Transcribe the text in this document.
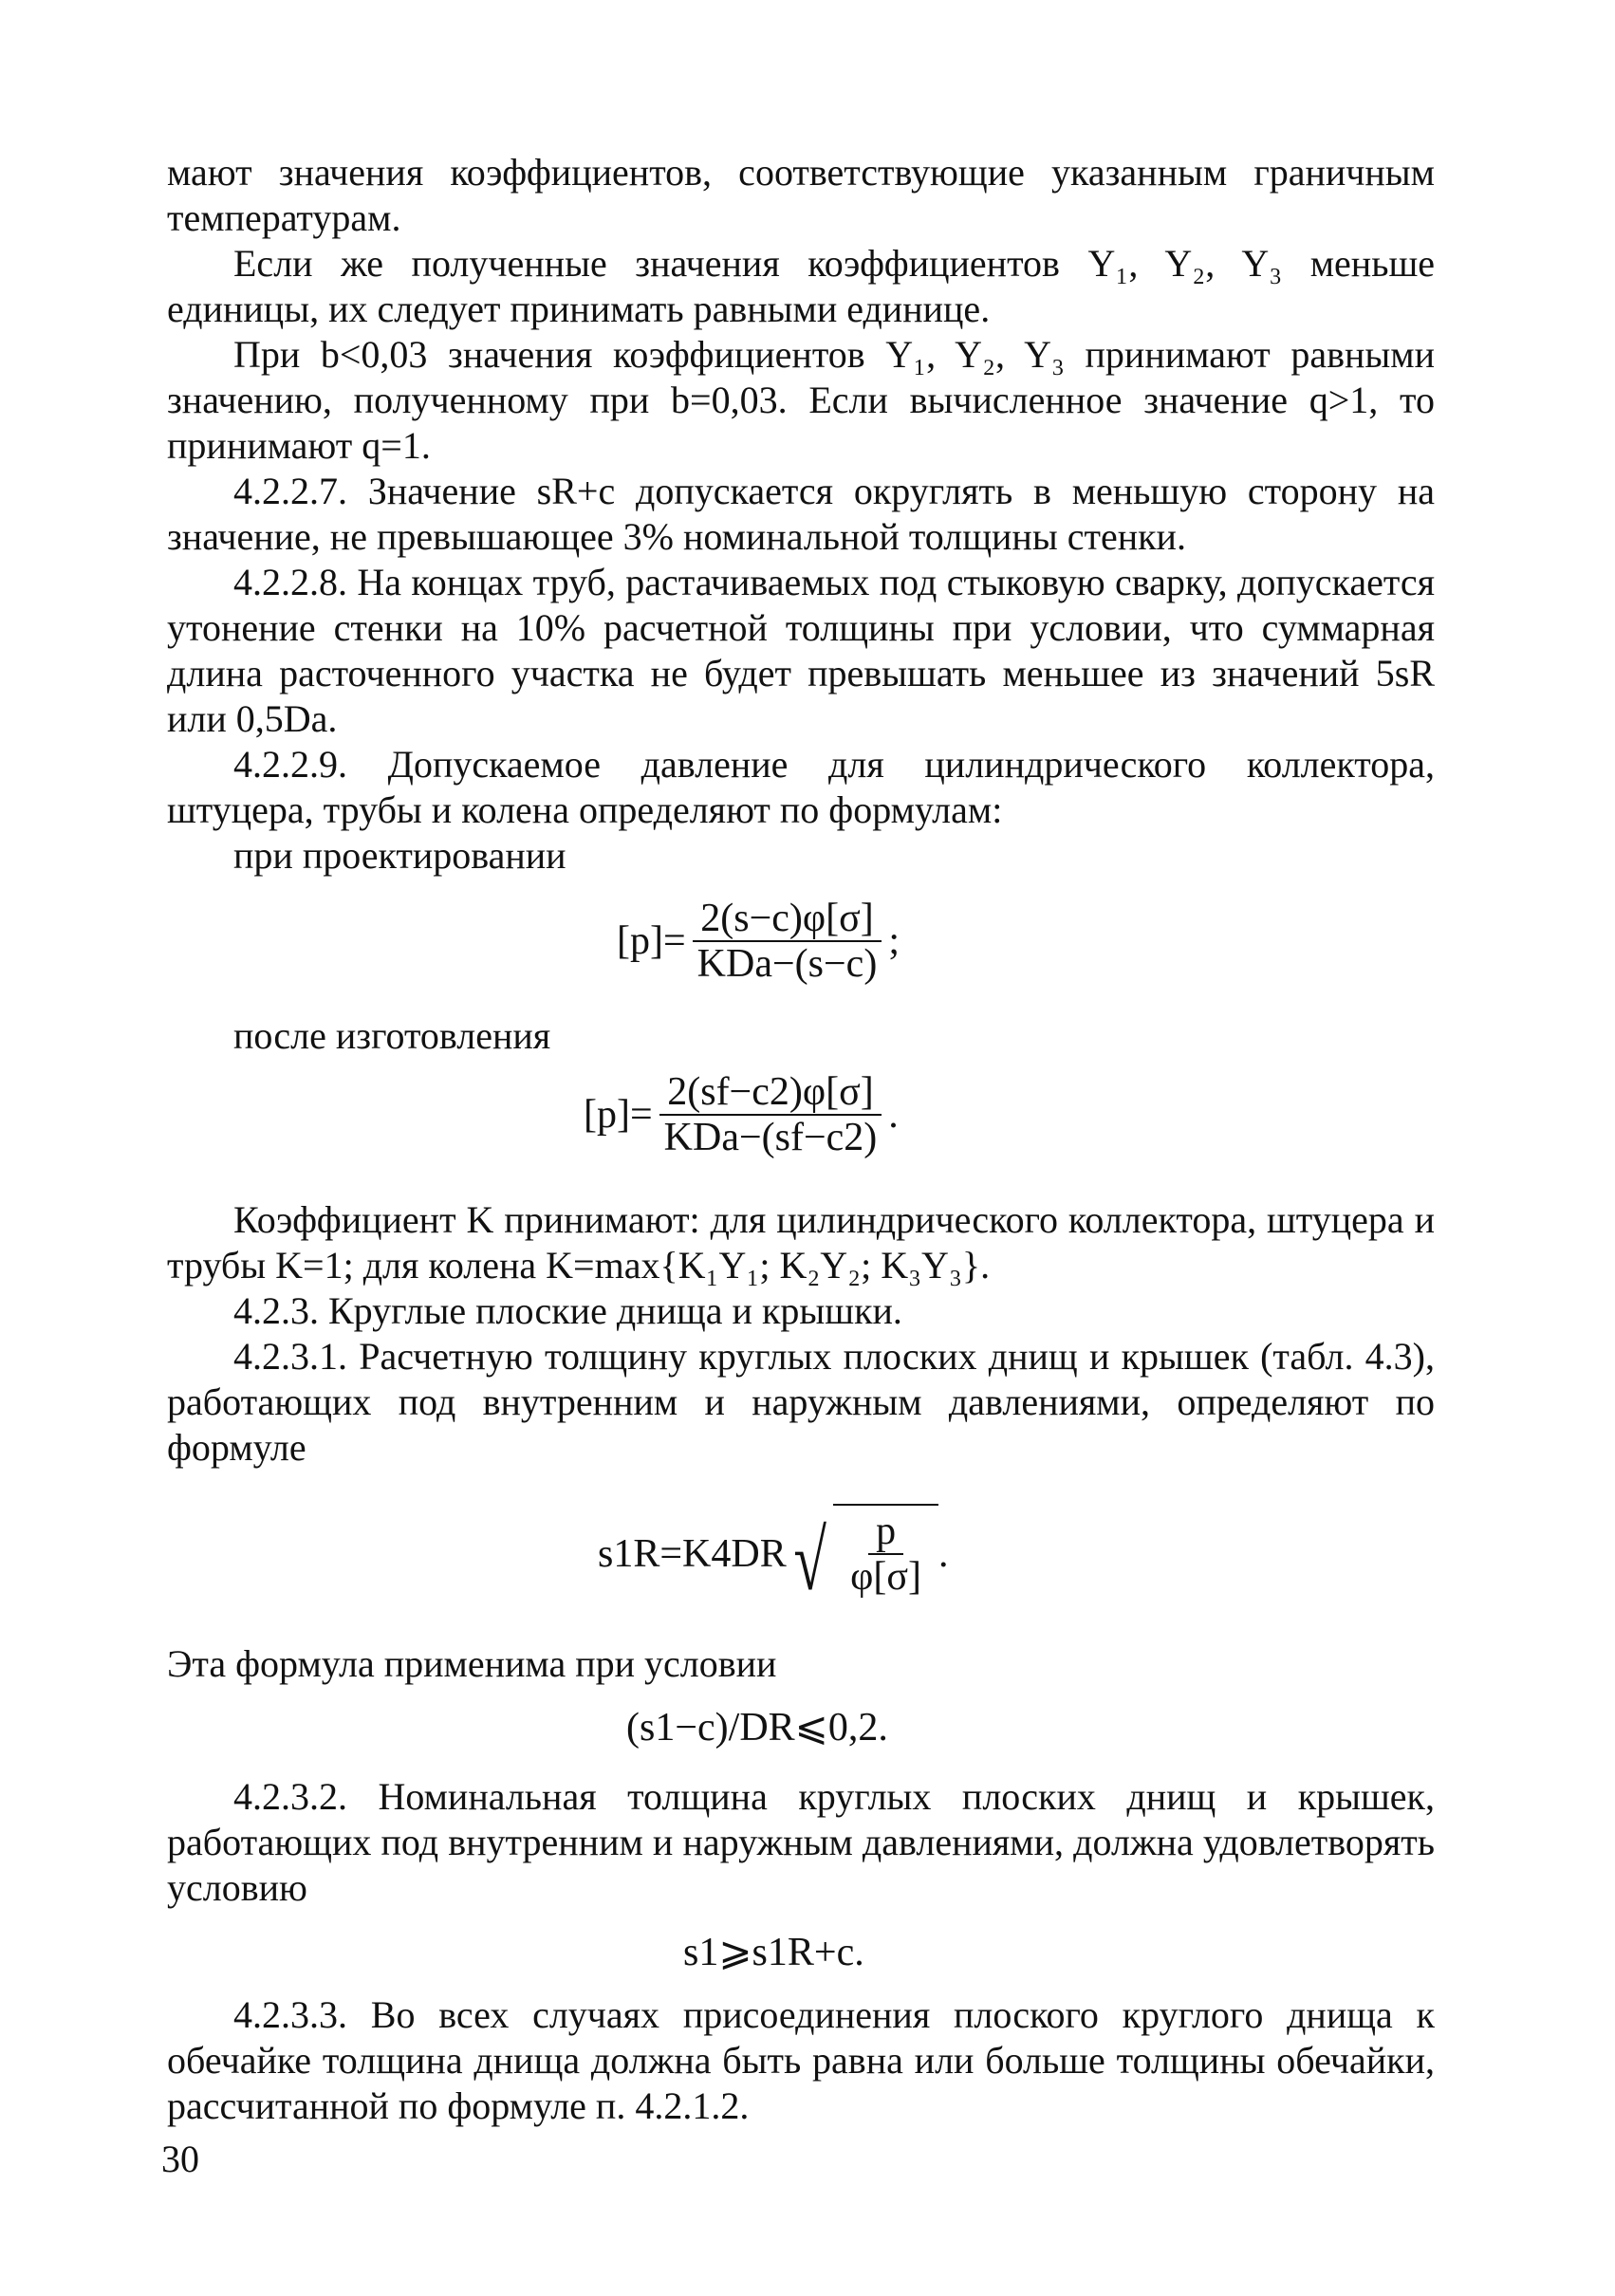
мают значения коэффициентов, соответствующие указанным граничным температурам.

Если же полученные значения коэффициентов Y₁, Y₂, Y₃ меньше единицы, их следует принимать равными единице.

При b<0,03 значения коэффициентов Y₁, Y₂, Y₃ принимают равными значению, полученному при b=0,03. Если вычисленное значение q>1, то принимают q=1.

4.2.2.7. Значение sR+c допускается округлять в меньшую сторону на значение, не превышающее 3% номинальной толщины стенки.

4.2.2.8. На концах труб, растачиваемых под стыковую сварку, допускается утонение стенки на 10% расчетной толщины при условии, что суммарная длина расточенного участка не будет превышать меньшее из значений 5sR или 0,5Da.

4.2.2.9. Допускаемое давление для цилиндрического коллектора, штуцера, трубы и колена определяют по формулам:

при проектировании

$[p]= \frac{2(s-c)\varphi[\sigma]}{\text{KDa−(s−c)}}$ ;

после изготовления

$[p]= \frac{2(sf-c2)\varphi[\sigma]}{\text{KDa−(sf−c2)}}$ .

Коэффициент K принимают: для цилиндрического коллектора, штуцера и трубы K=1; для колена K=max{K₁Y₁; K₂Y₂; K₃Y₃}.

4.2.3. Круглые плоские днища и крышки.

4.2.3.1. Расчетную толщину круглых плоских днищ и крышек (табл. 4.3), работающих под внутренним и наружным давлениями, определяют по формуле

s1R=K4DR √ $\frac{p}{\varphi[\sigma]}$ .

Эта формула применима при условии

(s1−c)/DR⩽0,2.

4.2.3.2. Номинальная толщина круглых плоских днищ и крышек, работающих под внутренним и наружным давлениями, должна удовлетворять условию

s1⩾s1R+c.

4.2.3.3. Во всех случаях присоединения плоского круглого днища к обечайке толщина днища должна быть равна или больше толщины обечайки, рассчитанной по формуле п. 4.2.1.2.

30
